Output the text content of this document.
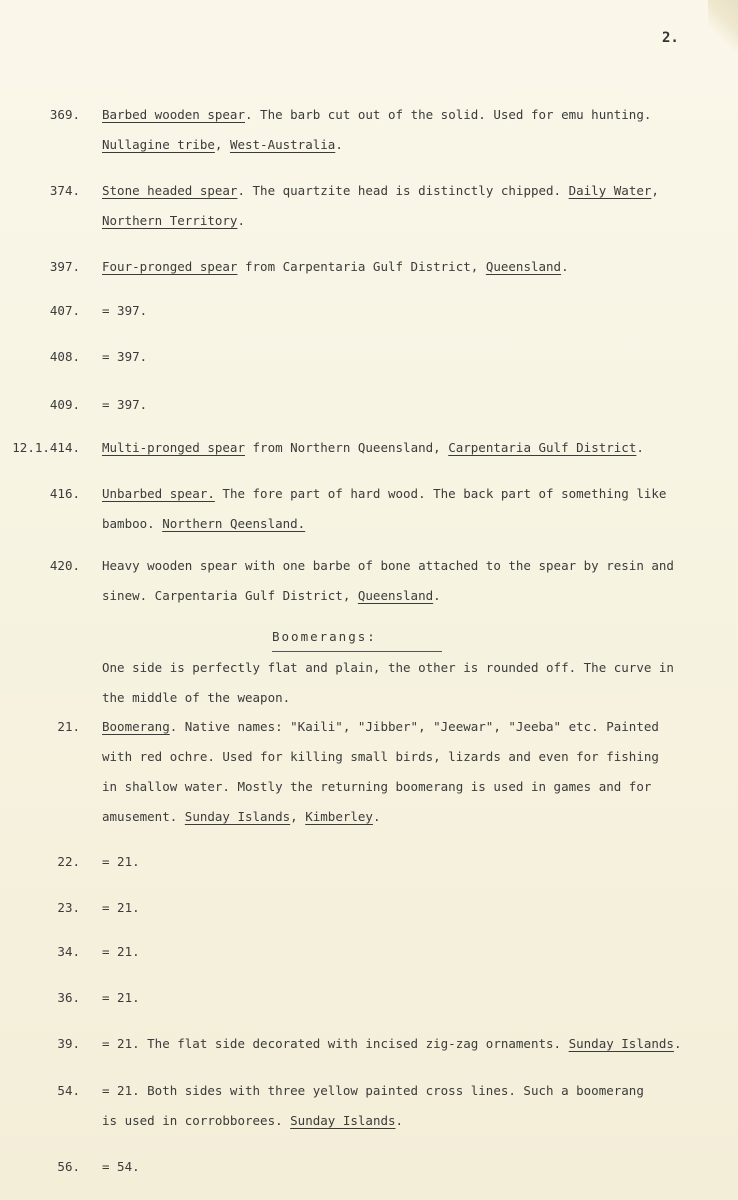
2.
369. Barbed wooden spear. The barb cut out of the solid. Used for emu hunting.
Nullagine tribe, West-Australia.
374. Stone headed spear. The quartzite head is distinctly chipped. Daily Water,
Northern Territory.
397. Four-pronged spear from Carpentaria Gulf District, Queensland.
407. = 397.
408. = 397.
409. = 397.
12.1.414. Multi-pronged spear from Northern Queensland, Carpentaria Gulf District.
416. Unbarbed spear. The fore part of hard wood. The back part of something like
bamboo. Northern Qeensland.
420. Heavy wooden spear with one barbe of bone attached to the spear by resin and
sinew. Carpentaria Gulf District, Queensland.
Boomerangs:
One side is perfectly flat and plain, the other is rounded off. The curve in
the middle of the weapon.
21. Boomerang. Native names: "Kaili", "Jibber", "Jeewar", "Jeeba" etc. Painted
with red ochre. Used for killing small birds, lizards and even for fishing
in shallow water. Mostly the returning boomerang is used in games and for
amusement. Sunday Islands, Kimberley.
22. = 21.
23. = 21.
34. = 21.
36. = 21.
39. = 21. The flat side decorated with incised zig-zag ornaments. Sunday Islands.
54. = 21. Both sides with three yellow painted cross lines. Such a boomerang
is used in corrobborees. Sunday Islands.
56. = 54.
